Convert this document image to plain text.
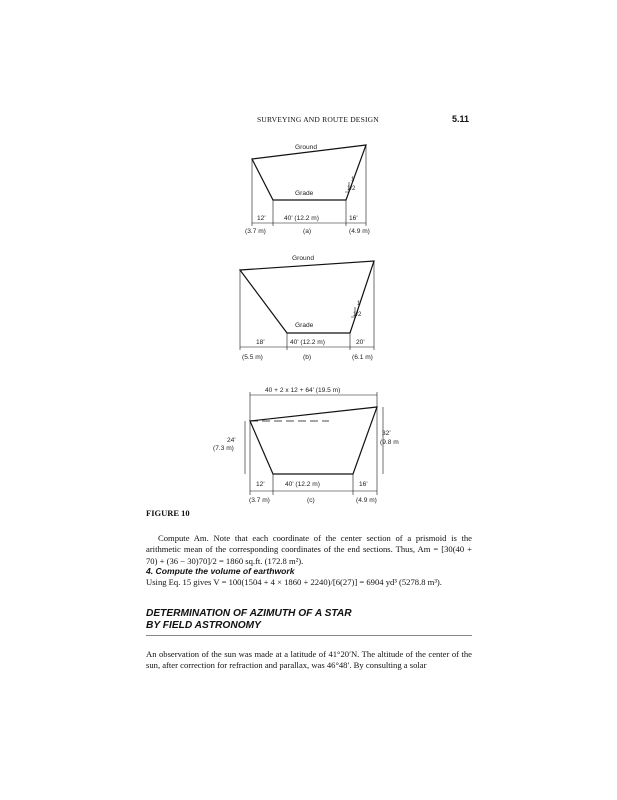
SURVEYING AND ROUTE DESIGN	5.11
Ground
Grade
1
1/2
12'	40' (12.2 m)	16'
(3.7 m)	(a)	(4.9 m)
Ground
Grade
1
1/2
18'	40' (12.2 m)	20'
(5.5 m)	(b)	(6.1 m)
40 + 2 x 12 + 64' (19.5 m)
24'
(7.3 m)
32'
(9.8 m
12'	40' (12.2 m)	16'
(3.7 m)	(c)	(4.9 m)
FIGURE 10
Compute Am. Note that each coordinate of the center section of a prismoid is the arithmetic mean of the corresponding coordinates of the end sections. Thus, Am = [30(40 + 70) + (36 − 30)70]/2 = 1860 sq.ft. (172.8 m²).
4. Compute the volume of earthwork
Using Eq. 15 gives V = 100(1504 + 4 × 1860 + 2240)/[6(27)] = 6904 yd³ (5278.8 m³).
DETERMINATION OF AZIMUTH OF A STAR
BY FIELD ASTRONOMY
An observation of the sun was made at a latitude of 41°20′N. The altitude of the center of the sun, after correction for refraction and parallax, was 46°48′. By consulting a solar
